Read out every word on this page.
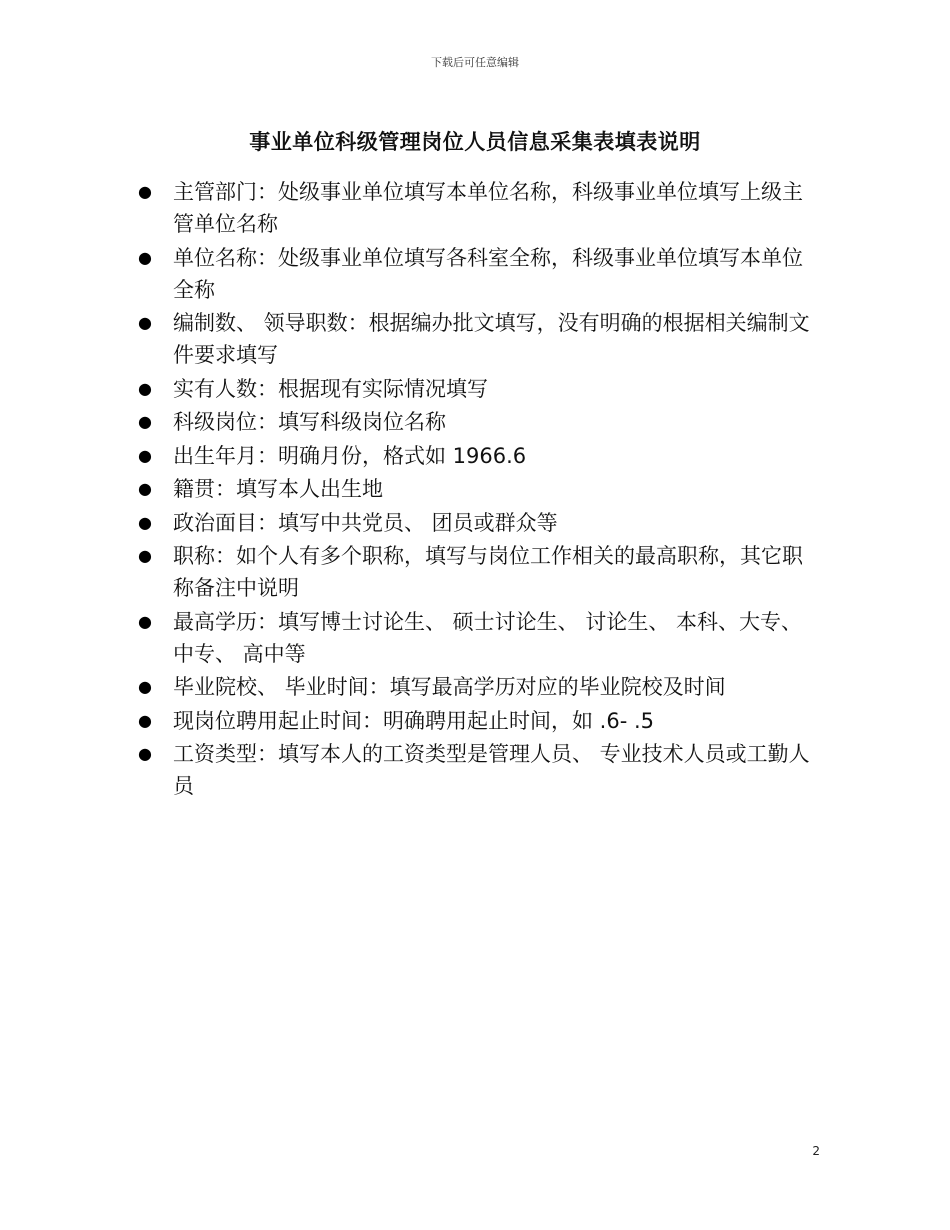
下载后可任意编辑
事业单位科级管理岗位人员信息采集表填表说明
●	主管部门：处级事业单位填写本单位名称，科级事业单位填写上级主管单位名称
●	单位名称：处级事业单位填写各科室全称，科级事业单位填写本单位全称
●	编制数、 领导职数：根据编办批文填写，没有明确的根据相关编制文件要求填写
●	实有人数：根据现有实际情况填写
●	科级岗位：填写科级岗位名称
●	出生年月：明确月份，格式如 1966.6
●	籍贯：填写本人出生地
●	政治面目：填写中共党员、 团员或群众等
●	职称：如个人有多个职称，填写与岗位工作相关的最高职称，其它职称备注中说明
●	最高学历：填写博士讨论生、 硕士讨论生、 讨论生、 本科、大专、 中专、 高中等
●	毕业院校、 毕业时间：填写最高学历对应的毕业院校及时间
●	现岗位聘用起止时间：明确聘用起止时间，如 .6- .5
●	工资类型：填写本人的工资类型是管理人员、 专业技术人员或工勤人员
2
